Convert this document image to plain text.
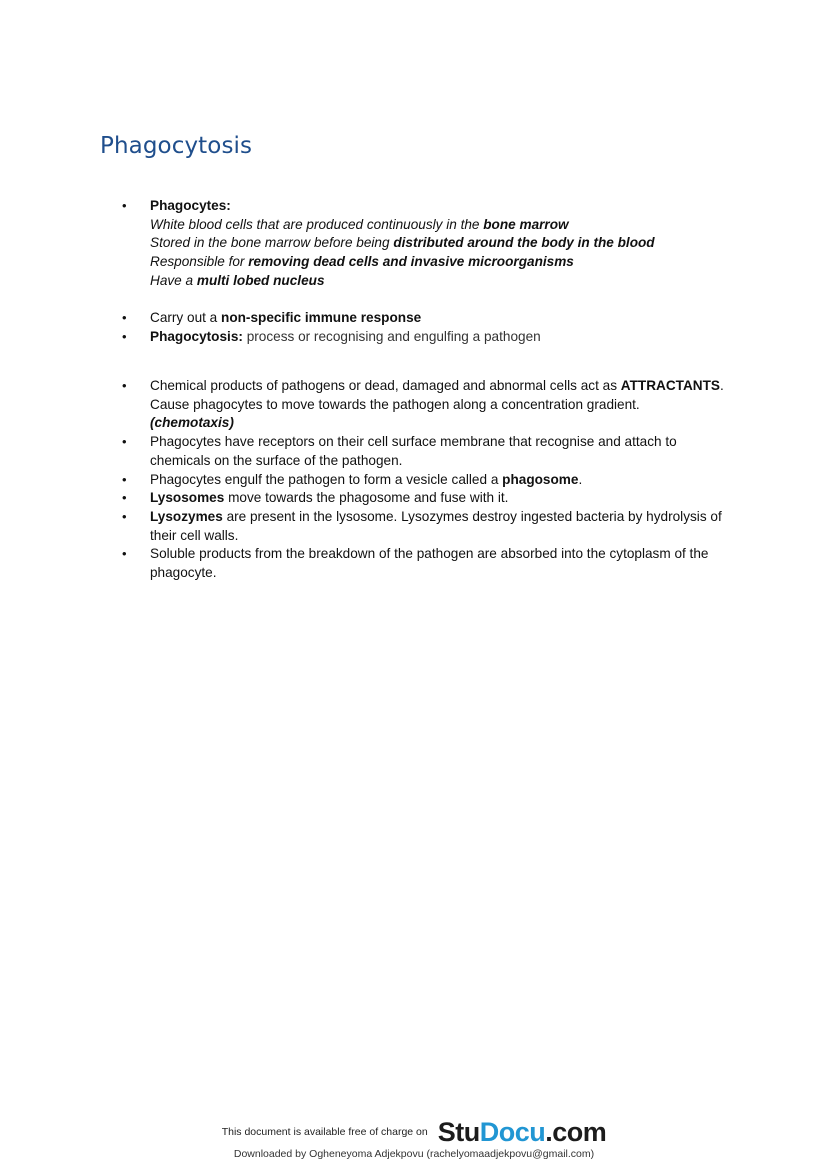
Phagocytosis
• Phagocytes:
White blood cells that are produced continuously in the bone marrow
Stored in the bone marrow before being distributed around the body in the blood
Responsible for removing dead cells and invasive microorganisms
Have a multi lobed nucleus
• Carry out a non-specific immune response
• Phagocytosis: process or recognising and engulfing a pathogen
• Chemical products of pathogens or dead, damaged and abnormal cells act as ATTRACTANTS.
Cause phagocytes to move towards the pathogen along a concentration gradient.
(chemotaxis)
• Phagocytes have receptors on their cell surface membrane that recognise and attach to chemicals on the surface of the pathogen.
• Phagocytes engulf the pathogen to form a vesicle called a phagosome.
• Lysosomes move towards the phagosome and fuse with it.
• Lysozymes are present in the lysosome. Lysozymes destroy ingested bacteria by hydrolysis of their cell walls.
• Soluble products from the breakdown of the pathogen are absorbed into the cytoplasm of the phagocyte.
This document is available free of charge on StuDocu.com
Downloaded by Ogheneyoma Adjekpovu (rachelyomaadjekpovu@gmail.com)
